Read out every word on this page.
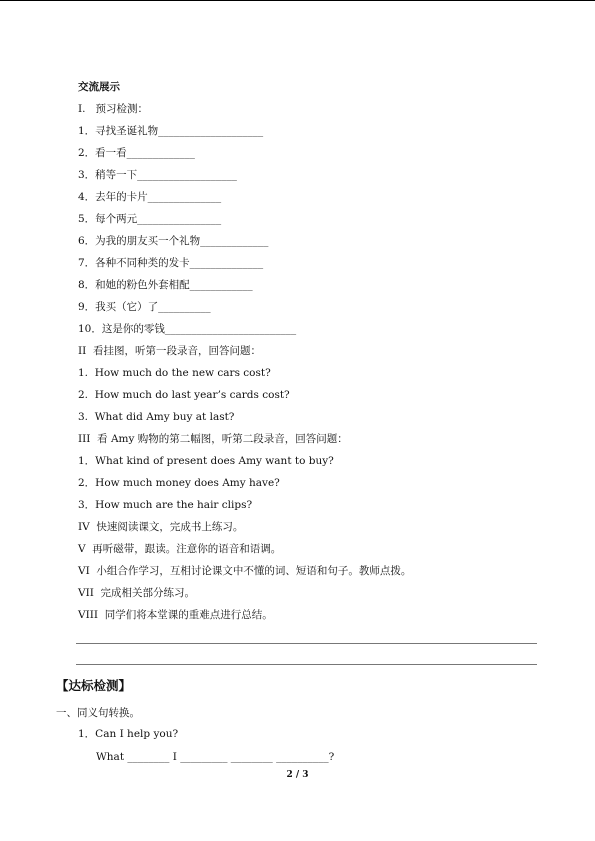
交流展示
I.   预习检测：
1．寻找圣诞礼物____________________
2．看一看_____________
3．稍等一下___________________
4．去年的卡片______________
5．每个两元________________
6．为我的朋友买一个礼物_____________
7．各种不同种类的发卡______________
8．和她的粉色外套相配____________
9．我买（它）了__________
10．这是你的零钱_________________________
II  看挂图，听第一段录音，回答问题：
1.  How much do the new cars cost?
2.  How much do last year’s cards cost?
3.  What did Amy buy at last?
III  看 Amy 购物的第二幅图，听第二段录音，回答问题：
1．What kind of present does Amy want to buy?
2．How much money does Amy have?
3．How much are the hair clips?
IV  快速阅读课文，完成书上练习。
V  再听磁带，跟读。注意你的语音和语调。
VI  小组合作学习，互相讨论课文中不懂的词、短语和句子。教师点拨。
VII  完成相关部分练习。
VIII  同学们将本堂课的重难点进行总结。
【达标检测】
一、同义句转换。
1．Can I help you?
What ________ I _________ ________ __________?
2 / 3
